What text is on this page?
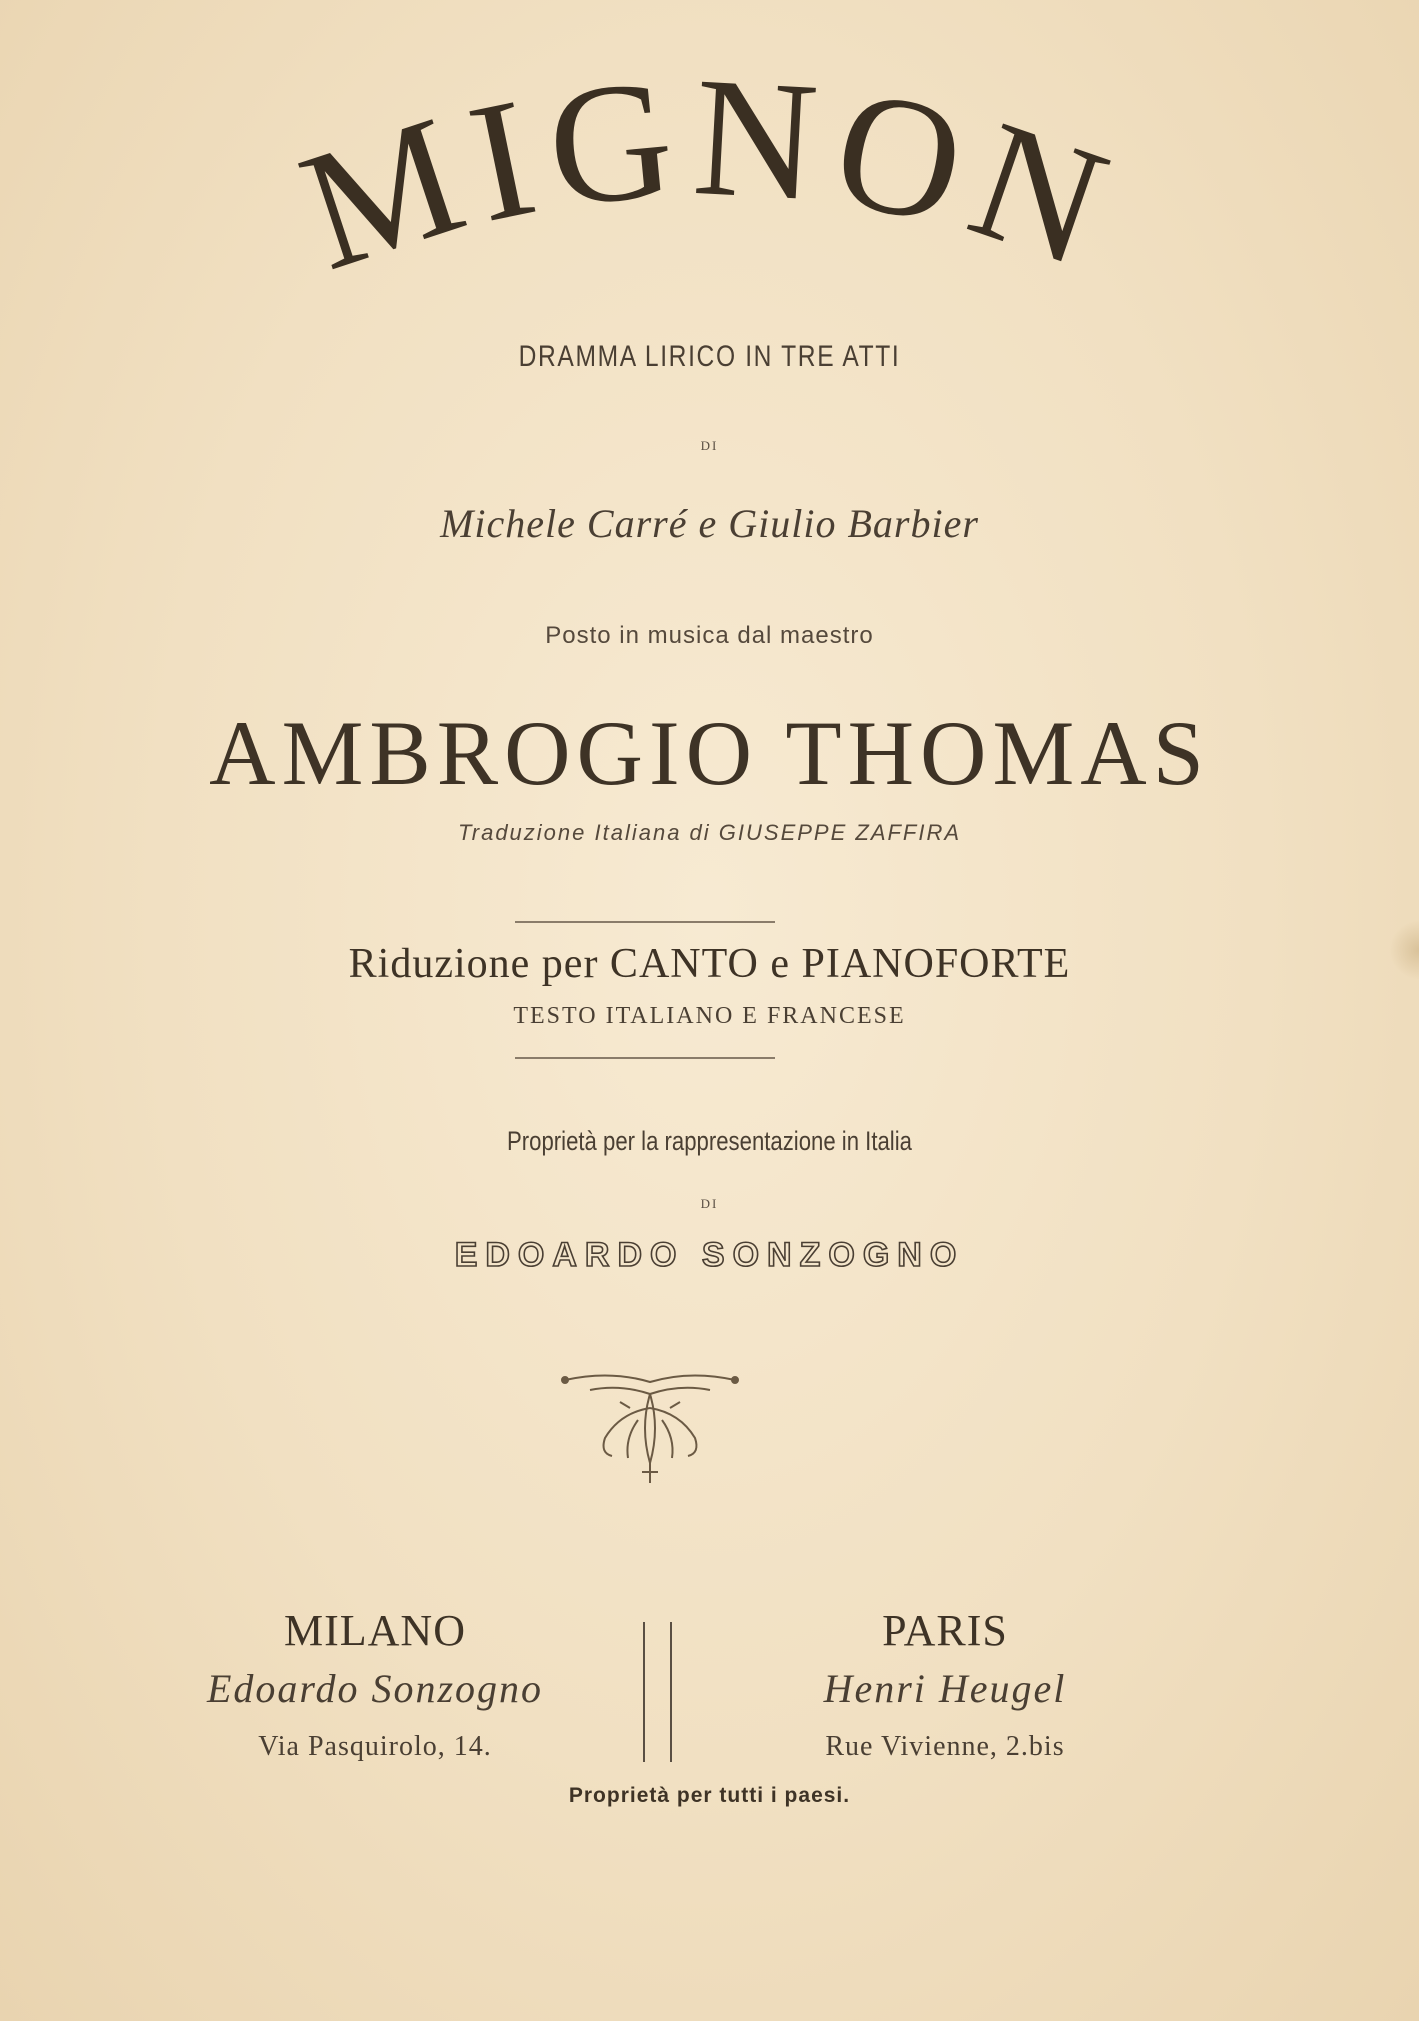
MIGNON
DRAMMA LIRICO IN TRE ATTI
DI
Michele Carré e Giulio Barbier
Posto in musica dal maestro
AMBROGIO THOMAS
Traduzione Italiana di GIUSEPPE ZAFFIRA
Riduzione per CANTO e PIANOFORTE
TESTO ITALIANO E FRANCESE
Proprietà per la rappresentazione in Italia
DI
EDOARDO SONZOGNO
MILANO
Edoardo Sonzogno
Via Pasquirolo, 14.
PARIS
Henri Heugel
Rue Vivienne, 2.bis
Proprietà per tutti i paesi.
